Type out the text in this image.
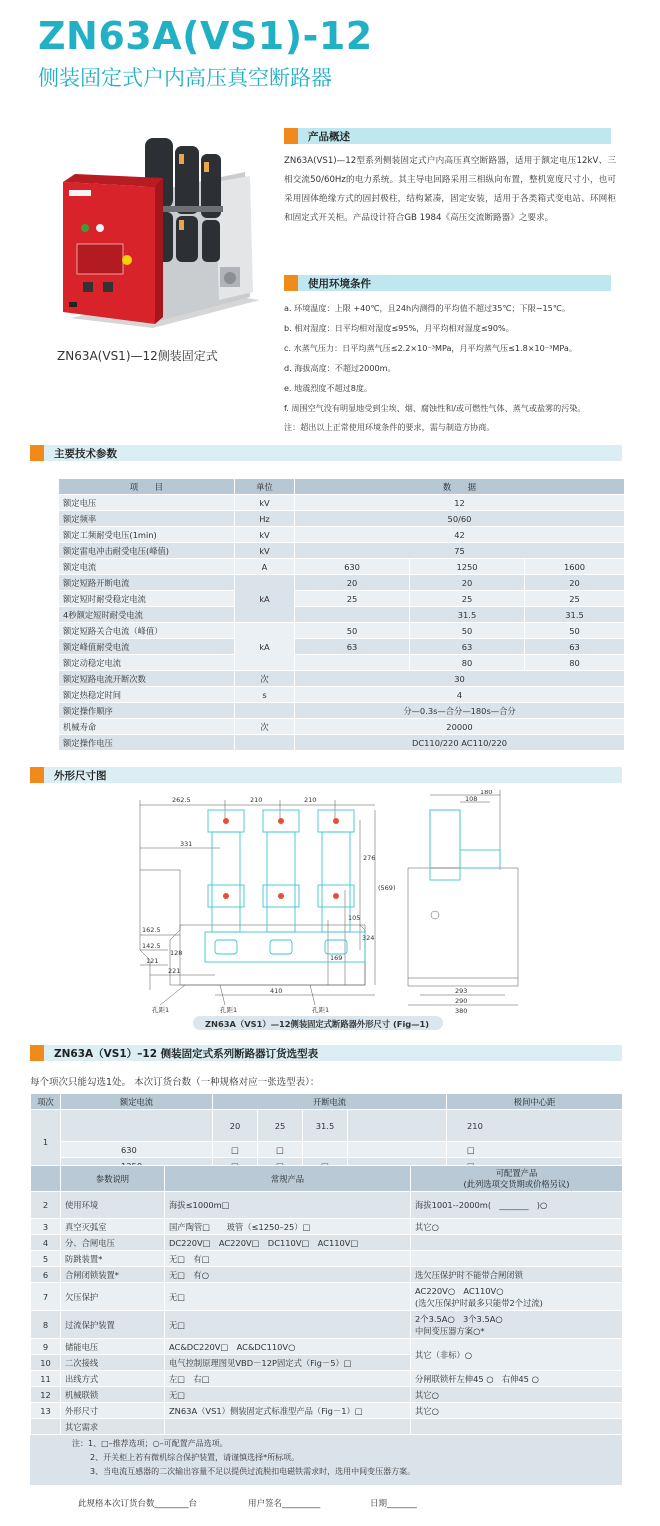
ZN63A(VS1)-12
侧装固定式户内高压真空断路器
ZN63A(VS1)—12侧装固定式
产品概述
ZN63A(VS1)—12型系列侧装固定式户内高压真空断路器，适用于额定电压12kV、三相交流50/60Hz的电力系统。其主导电回路采用三相纵向布置，整机宽度尺寸小，也可采用固体绝缘方式的固封极柱，结构紧凑，固定安装，适用于各类箱式变电站、环网柜和固定式开关柜。产品设计符合GB 1984《高压交流断路器》之要求。
使用环境条件
a. 环境温度：上限 +40℃，且24h内测得的平均值不超过35℃；下限−15℃。
b. 相对湿度：日平均相对湿度≤95%，月平均相对湿度≤90%。
c. 水蒸气压力：日平均蒸气压≤2.2×10⁻³MPa，月平均蒸气压≤1.8×10⁻³MPa。
d. 海拔高度：不超过2000m。
e. 地震烈度不超过8度。
f. 周围空气没有明显地受到尘埃、烟、腐蚀性和/或可燃性气体、蒸气或盐雾的污染。
注：超出以上正常使用环境条件的要求，需与制造方协商。
主要技术参数
项　　目	单位	数　　据		
额定电压	kV	12		
额定频率	Hz	50/60		
额定工频耐受电压(1min)	kV	42		
额定雷电冲击耐受电压(峰值)	kV	75		
额定电流	A	630	1250	1600
额定短路开断电流	kA	20	20	20
额定短时耐受稳定电流		25	25	25
4秒额定短时耐受电流			31.5	31.5
额定短路关合电流（峰值）	kA	50	50	50
额定峰值耐受电流		63	63	63
额定动稳定电流			80	80
额定短路电流开断次数	次	30		
额定热稳定时间	s	4		
额定操作顺序		分—0.3s—合分—180s—合分		
机械寿命	次	20000		
额定操作电压		DC110/220 AC110/220		
外形尺寸图
262.5	210	210
331
276
(569)
105
324
169
162.5
142.5
121
128
221
410
孔距1	孔距1	孔距1
180
108
293
290
380
ZN63A（VS1）—12侧装固定式断路器外形尺寸 (Fig—1)
ZN63A（VS1）–12 侧装固定式系列断路器订货选型表
每个项次只能勾选1处。 本次订货台数（一种规格对应一张选型表）：
项次	额定电流	开断电流				极间中心距
1		20	25	31.5		210
	630	□	□			□

	参数说明	常规产品	可配置产品
(此列选项交货期或价格另议)

2	使用环境	海拔≤1000m□	海拔1001--2000m(　_______　)○
3	真空灭弧室	国产陶管□　　玻管（≤1250–25）□	其它○
4	分、合闸电压	DC220V□　AC220V□　DC110V□　AC110V□	
5	防跳装置*	无□　有□	
6	合闸闭锁装置*	无□　有○	选欠压保护时不能带合闸闭锁
7	欠压保护	无□	AC220V○　AC110V○
(选欠压保护时最多只能带2个过流)

8	过流保护装置	无□	2个3.5A○　3个3.5A○
中间变压器方案○*

9	储能电压	AC&DC220V□　AC&DC110V○	其它（非标）○
10	二次接线	电气控制原理图见VBD－12P固定式（Fig－5）□	
11	出线方式	左□　右□	分闸联锁杆左伸45 ○　右伸45 ○
12	机械联锁	无□	其它○
13	外形尺寸	ZN63A（VS1）侧装固定式标准型产品（Fig－1）□	其它○
	其它需求		
注：1、□–推荐选项；○–可配置产品选项。
2、开关柜上若有微机综合保护装置，请谨慎选择*所标项。
3、当电流互感器的二次输出容量不足以提供过流脱扣电磁铁需求时，选用中间变压器方案。
此规格本次订货台数________台	用户签名_________	日期_______
